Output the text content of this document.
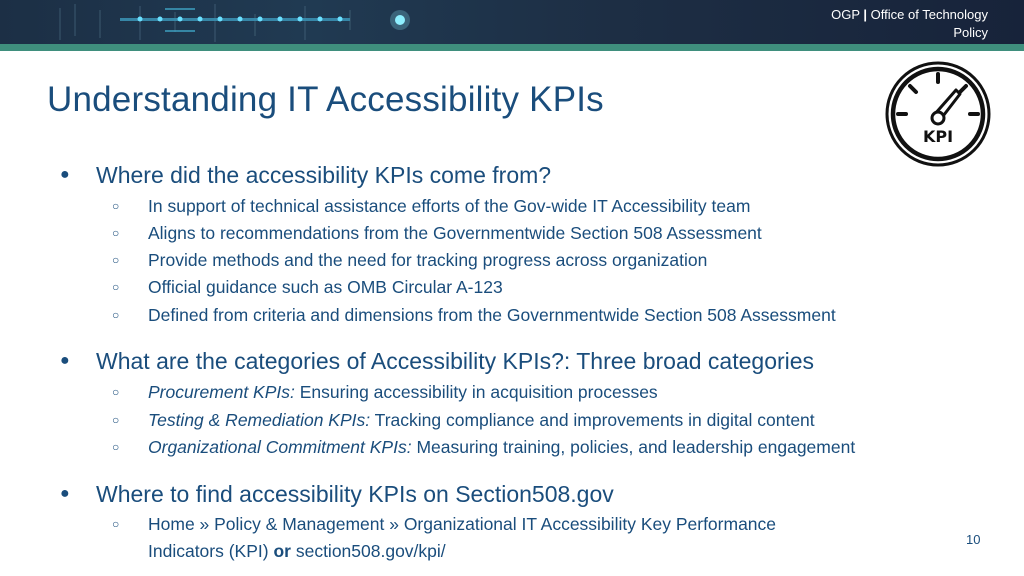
OGP | Office of Technology
Policy
Understanding IT Accessibility KPIs
KPI
● Where did the accessibility KPIs come from?
○ In support of technical assistance efforts of the Gov-wide IT Accessibility team
○ Aligns to recommendations from the Governmentwide Section 508 Assessment
○ Provide methods and the need for tracking progress across organization
○ Official guidance such as OMB Circular A-123
○ Defined from criteria and dimensions from the Governmentwide Section 508 Assessment
● What are the categories of Accessibility KPIs?: Three broad categories
○ Procurement KPIs: Ensuring accessibility in acquisition processes
○ Testing & Remediation KPIs: Tracking compliance and improvements in digital content
○ Organizational Commitment KPIs: Measuring training, policies, and leadership engagement
● Where to find accessibility KPIs on Section508.gov
○ Home » Policy & Management » Organizational IT Accessibility Key Performance
Indicators (KPI) or section508.gov/kpi/
10
